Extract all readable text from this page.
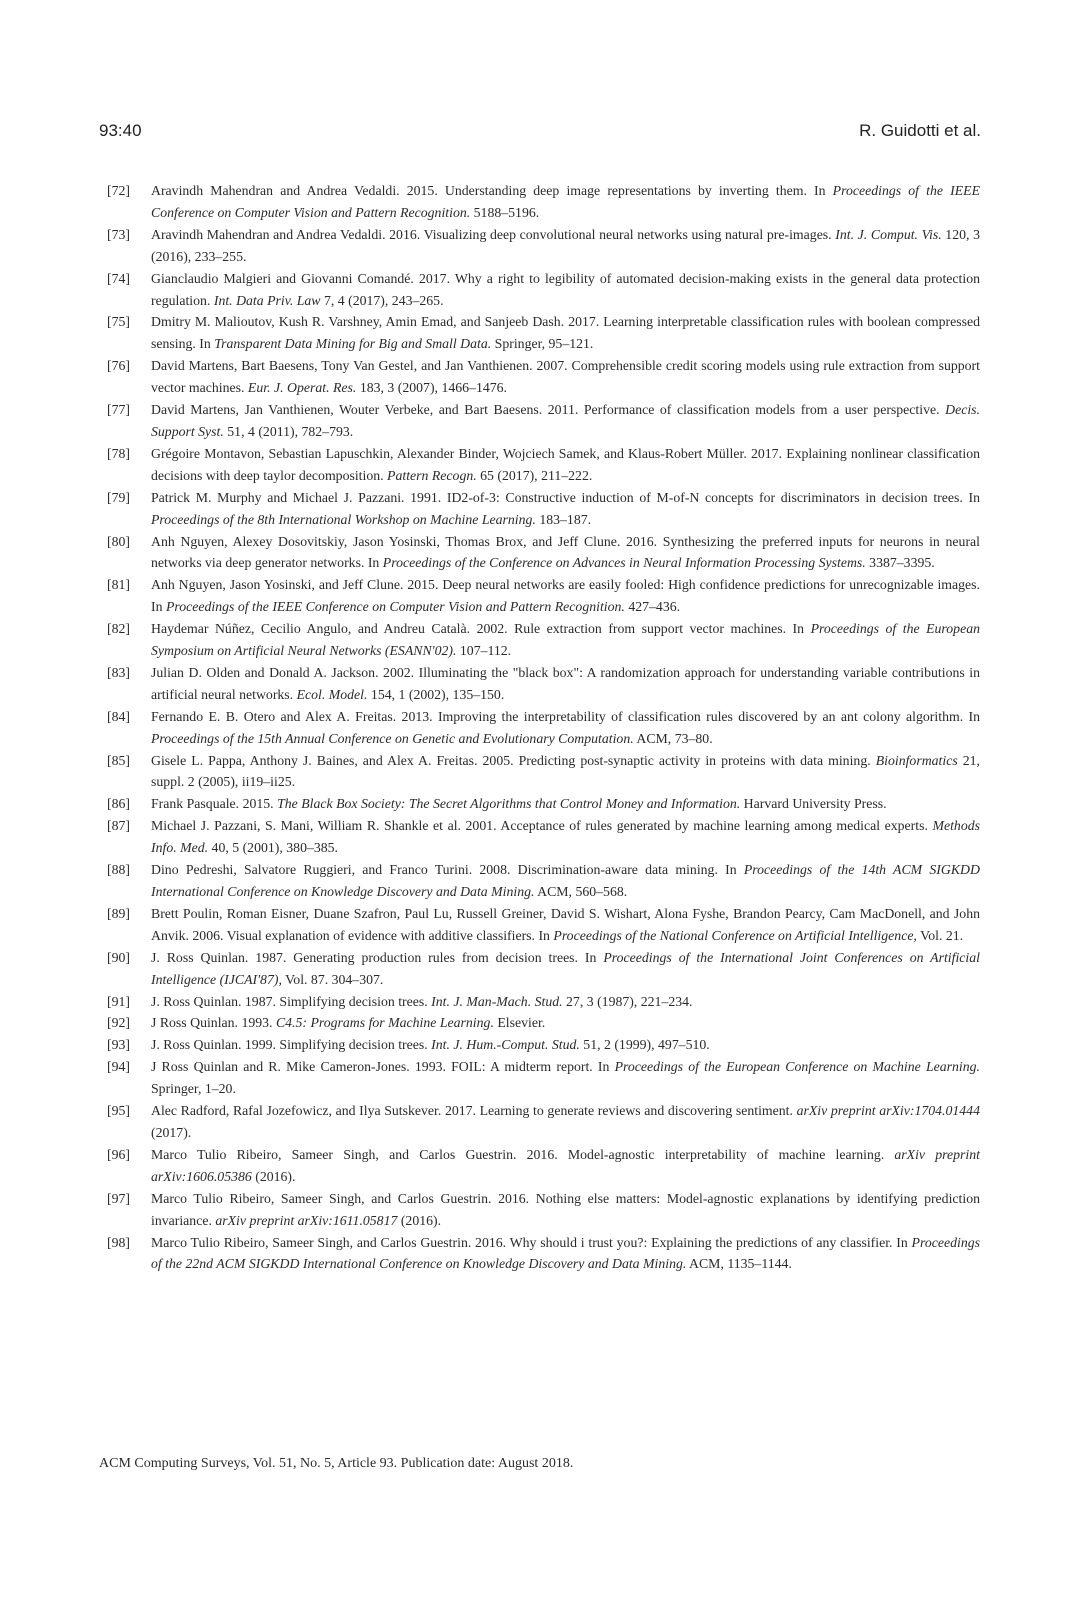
93:40	R. Guidotti et al.
[72] Aravindh Mahendran and Andrea Vedaldi. 2015. Understanding deep image representations by inverting them. In Proceedings of the IEEE Conference on Computer Vision and Pattern Recognition. 5188–5196.
[73] Aravindh Mahendran and Andrea Vedaldi. 2016. Visualizing deep convolutional neural networks using natural pre-images. Int. J. Comput. Vis. 120, 3 (2016), 233–255.
[74] Gianclaudio Malgieri and Giovanni Comandé. 2017. Why a right to legibility of automated decision-making exists in the general data protection regulation. Int. Data Priv. Law 7, 4 (2017), 243–265.
[75] Dmitry M. Malioutov, Kush R. Varshney, Amin Emad, and Sanjeeb Dash. 2017. Learning interpretable classification rules with boolean compressed sensing. In Transparent Data Mining for Big and Small Data. Springer, 95–121.
[76] David Martens, Bart Baesens, Tony Van Gestel, and Jan Vanthienen. 2007. Comprehensible credit scoring models using rule extraction from support vector machines. Eur. J. Operat. Res. 183, 3 (2007), 1466–1476.
[77] David Martens, Jan Vanthienen, Wouter Verbeke, and Bart Baesens. 2011. Performance of classification models from a user perspective. Decis. Support Syst. 51, 4 (2011), 782–793.
[78] Grégoire Montavon, Sebastian Lapuschkin, Alexander Binder, Wojciech Samek, and Klaus-Robert Müller. 2017. Explaining nonlinear classification decisions with deep taylor decomposition. Pattern Recogn. 65 (2017), 211–222.
[79] Patrick M. Murphy and Michael J. Pazzani. 1991. ID2-of-3: Constructive induction of M-of-N concepts for discriminators in decision trees. In Proceedings of the 8th International Workshop on Machine Learning. 183–187.
[80] Anh Nguyen, Alexey Dosovitskiy, Jason Yosinski, Thomas Brox, and Jeff Clune. 2016. Synthesizing the preferred inputs for neurons in neural networks via deep generator networks. In Proceedings of the Conference on Advances in Neural Information Processing Systems. 3387–3395.
[81] Anh Nguyen, Jason Yosinski, and Jeff Clune. 2015. Deep neural networks are easily fooled: High confidence predictions for unrecognizable images. In Proceedings of the IEEE Conference on Computer Vision and Pattern Recognition. 427–436.
[82] Haydemar Núñez, Cecilio Angulo, and Andreu Català. 2002. Rule extraction from support vector machines. In Proceedings of the European Symposium on Artificial Neural Networks (ESANN'02). 107–112.
[83] Julian D. Olden and Donald A. Jackson. 2002. Illuminating the "black box": A randomization approach for understanding variable contributions in artificial neural networks. Ecol. Model. 154, 1 (2002), 135–150.
[84] Fernando E. B. Otero and Alex A. Freitas. 2013. Improving the interpretability of classification rules discovered by an ant colony algorithm. In Proceedings of the 15th Annual Conference on Genetic and Evolutionary Computation. ACM, 73–80.
[85] Gisele L. Pappa, Anthony J. Baines, and Alex A. Freitas. 2005. Predicting post-synaptic activity in proteins with data mining. Bioinformatics 21, suppl. 2 (2005), ii19–ii25.
[86] Frank Pasquale. 2015. The Black Box Society: The Secret Algorithms that Control Money and Information. Harvard University Press.
[87] Michael J. Pazzani, S. Mani, William R. Shankle et al. 2001. Acceptance of rules generated by machine learning among medical experts. Methods Info. Med. 40, 5 (2001), 380–385.
[88] Dino Pedreshi, Salvatore Ruggieri, and Franco Turini. 2008. Discrimination-aware data mining. In Proceedings of the 14th ACM SIGKDD International Conference on Knowledge Discovery and Data Mining. ACM, 560–568.
[89] Brett Poulin, Roman Eisner, Duane Szafron, Paul Lu, Russell Greiner, David S. Wishart, Alona Fyshe, Brandon Pearcy, Cam MacDonell, and John Anvik. 2006. Visual explanation of evidence with additive classifiers. In Proceedings of the National Conference on Artificial Intelligence, Vol. 21.
[90] J. Ross Quinlan. 1987. Generating production rules from decision trees. In Proceedings of the International Joint Conferences on Artificial Intelligence (IJCAI'87), Vol. 87. 304–307.
[91] J. Ross Quinlan. 1987. Simplifying decision trees. Int. J. Man-Mach. Stud. 27, 3 (1987), 221–234.
[92] J Ross Quinlan. 1993. C4.5: Programs for Machine Learning. Elsevier.
[93] J. Ross Quinlan. 1999. Simplifying decision trees. Int. J. Hum.-Comput. Stud. 51, 2 (1999), 497–510.
[94] J Ross Quinlan and R. Mike Cameron-Jones. 1993. FOIL: A midterm report. In Proceedings of the European Conference on Machine Learning. Springer, 1–20.
[95] Alec Radford, Rafal Jozefowicz, and Ilya Sutskever. 2017. Learning to generate reviews and discovering sentiment. arXiv preprint arXiv:1704.01444 (2017).
[96] Marco Tulio Ribeiro, Sameer Singh, and Carlos Guestrin. 2016. Model-agnostic interpretability of machine learning. arXiv preprint arXiv:1606.05386 (2016).
[97] Marco Tulio Ribeiro, Sameer Singh, and Carlos Guestrin. 2016. Nothing else matters: Model-agnostic explanations by identifying prediction invariance. arXiv preprint arXiv:1611.05817 (2016).
[98] Marco Tulio Ribeiro, Sameer Singh, and Carlos Guestrin. 2016. Why should i trust you?: Explaining the predictions of any classifier. In Proceedings of the 22nd ACM SIGKDD International Conference on Knowledge Discovery and Data Mining. ACM, 1135–1144.
ACM Computing Surveys, Vol. 51, No. 5, Article 93. Publication date: August 2018.
